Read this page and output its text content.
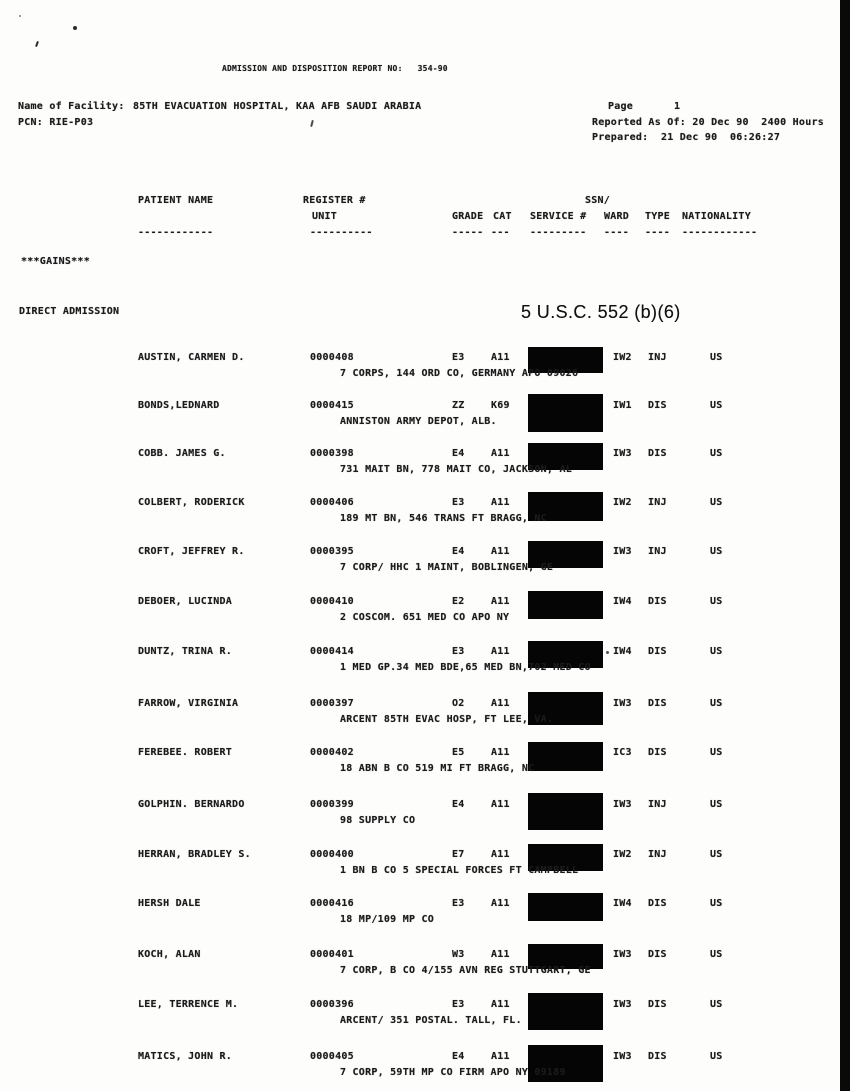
ADMISSION AND DISPOSITION REPORT NO: 354-90
Name of Facility: 85TH EVACUATION HOSPITAL, KAA AFB SAUDI ARABIA
PCN: RIE-P03
Page	1
Reported As Of: 20 Dec 90  2400 Hours
Prepared:  21 Dec 90  06:26:27
PATIENT NAME	REGISTER #	SSN/
UNIT	GRADE CAT SERVICE # WARD TYPE NATIONALITY
------------	----------	----- --- --------- ---- ---- ------------
***GAINS***
DIRECT ADMISSION	5 U.S.C. 552 (b)(6)
AUSTIN, CARMEN D.	0000408	E3	A11	IW2 INJ	US
7 CORPS, 144 ORD CO, GERMANY APO 09026
BONDS,LEDNARD	0000415	ZZ	K69	IW1 DIS	US
ANNISTON ARMY DEPOT, ALB.
COBB. JAMES G.	0000398	E4	A11	IW3 DIS	US
731 MAIT BN, 778 MAIT CO, JACKSON, AL
COLBERT, RODERICK	0000406	E3	A11	IW2 INJ	US
189 MT BN, 546 TRANS FT BRAGG, NC
CROFT, JEFFREY R.	0000395	E4	A11	IW3 INJ	US
7 CORP/ HHC 1 MAINT, BOBLINGEN, GE
DEBOER, LUCINDA	0000410	E2	A11	IW4 DIS	US
2 COSCOM. 651 MED CO APO NY
DUNTZ, TRINA R.	0000414	E3	A11	IW4 DIS	US
1 MED GP.34 MED BDE,65 MED BN,702 MED CO
FARROW, VIRGINIA	0000397	O2	A11	IW3 DIS	US
ARCENT 85TH EVAC HOSP, FT LEE, VA.
FEREBEE. ROBERT	0000402	E5	A11	IC3 DIS	US
18 ABN B CO 519 MI FT BRAGG, NC
GOLPHIN. BERNARDO	0000399	E4	A11	IW3 INJ	US
98 SUPPLY CO
HERRAN, BRADLEY S.	0000400	E7	A11	IW2 INJ	US
1 BN B CO 5 SPECIAL FORCES FT CAMPBELL
HERSH DALE	0000416	E3	A11	IW4 DIS	US
18 MP/109 MP CO
KOCH, ALAN	0000401	W3	A11	IW3 DIS	US
7 CORP, B CO 4/155 AVN REG STUTTGART, GE
LEE, TERRENCE M.	0000396	E3	A11	IW3 DIS	US
ARCENT/ 351 POSTAL. TALL, FL.
MATICS, JOHN R.	0000405	E4	A11	IW3 DIS	US
7 CORP, 59TH MP CO FIRM APO NY 09189
